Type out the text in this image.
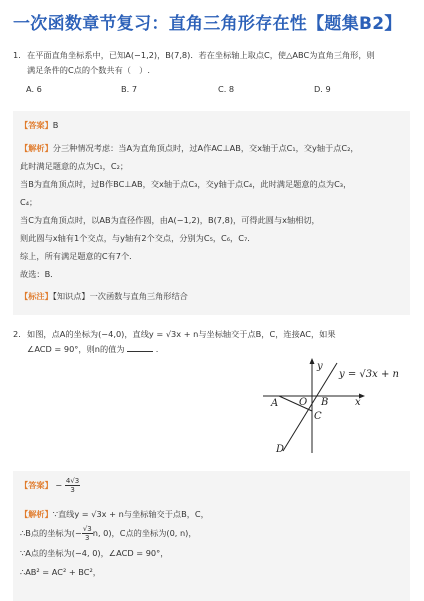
一次函数章节复习：直角三角形存在性【题集B2】
1. 在平面直角坐标系中，已知A(−1,2)，B(7,8)．若在坐标轴上取点C，使△ABC为直角三角形，则
满足条件的C点的个数共有（　）.
A. 6	B. 7	C. 8	D. 9
【答案】B
【解析】分三种情况考虑：当A为直角顶点时，过A作AC⊥AB，交x轴于点C₁，交y轴于点C₂，
此时满足题意的点为C₁，C₂；
当B为直角顶点时，过B作BC⊥AB，交x轴于点C₃，交y轴于点C₄，此时满足题意的点为C₃，
C₄；
当C为直角顶点时，以AB为直径作圆，由A(−1,2)，B(7,8)，可得此圆与x轴相切，
则此圆与x轴有1个交点，与y轴有2个交点，分别为C₅，C₆，C₇．
综上，所有满足题意的C有7个．
故选：B．
【标注】【知识点】一次函数与直角三角形结合
2. 如图，点A的坐标为(−4,0)，直线y = √3x + n与坐标轴交于点B，C，连接AC，如果
∠ACD = 90°，则n的值为	.
y
x
y = √3x + n
A O B
C
D
【答案】 − $\frac{4√3}{3}$
【解析】∵直线y = √3x + n与坐标轴交于点B，C，
∴B点的坐标为(− $\frac{√3}{3} n$, 0)，C点的坐标为(0, n)，
∵A点的坐标为(−4, 0)，∠ACD = 90°，
∴AB² = AC² + BC²，
